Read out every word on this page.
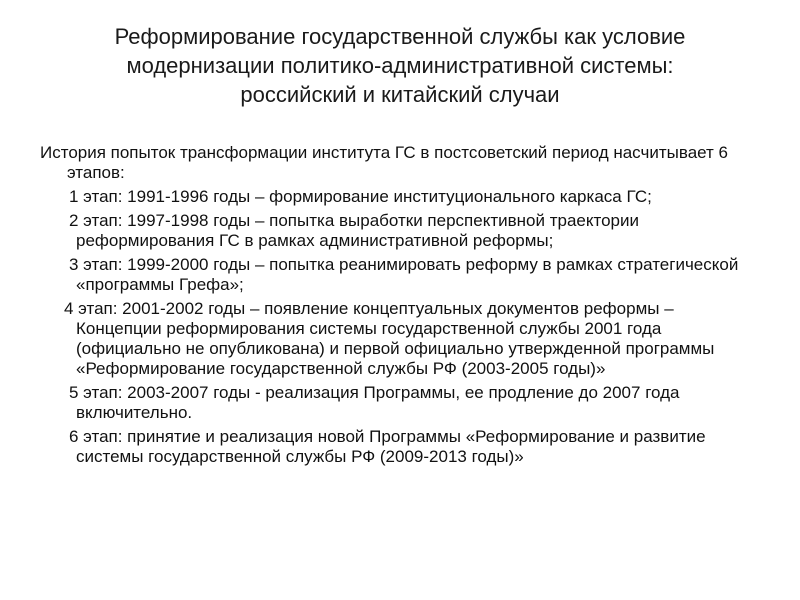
Реформирование государственной службы как условие
модернизации политико-административной системы:
российский и китайский случаи

История попыток трансформации института ГС в постсоветский период насчитывает 6 этапов:

1 этап: 1991-1996 годы – формирование институционального каркаса ГС;

2 этап: 1997-1998 годы – попытка выработки перспективной траектории реформирования ГС в рамках административной реформы;

3 этап: 1999-2000 годы – попытка реанимировать реформу в рамках стратегической «программы Грефа»;

4 этап: 2001-2002 годы – появление концептуальных документов реформы – Концепции реформирования системы государственной службы 2001 года (официально не опубликована) и первой официально утвержденной программы «Реформирование государственной службы РФ (2003-2005 годы)»

5 этап: 2003-2007 годы - реализация Программы, ее продление до 2007 года включительно.

6 этап: принятие и реализация новой Программы «Реформирование и развитие системы государственной службы РФ (2009-2013 годы)»
